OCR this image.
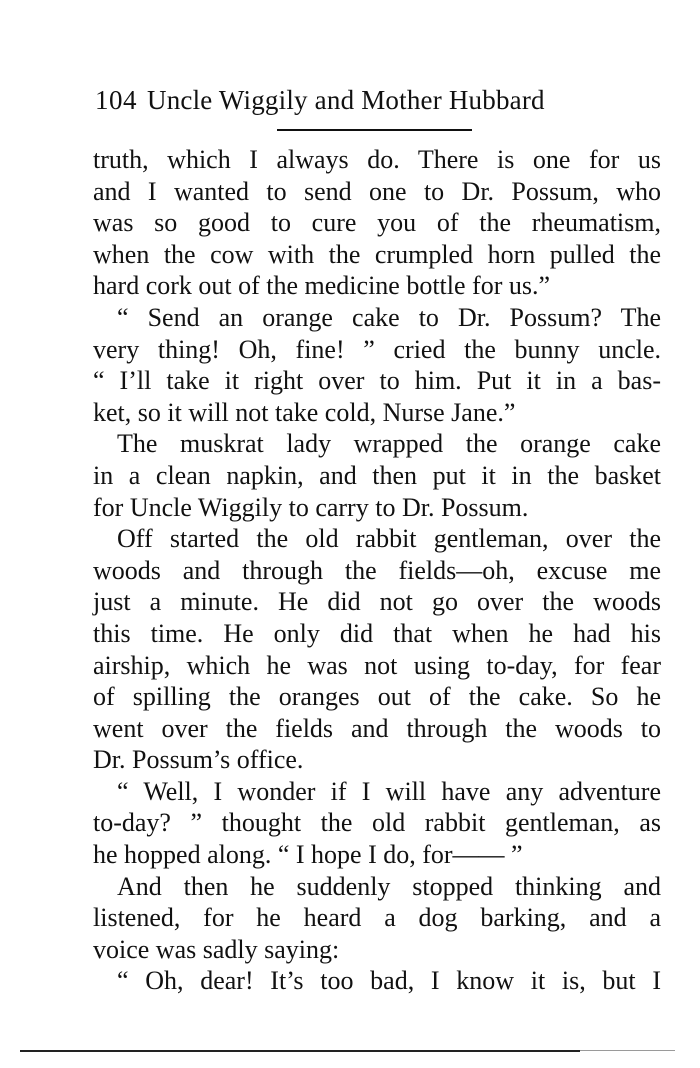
104 Uncle Wiggily and Mother Hubbard
truth, which I always do. There is one for us
and I wanted to send one to Dr. Possum, who
was so good to cure you of the rheumatism,
when the cow with the crumpled horn pulled the
hard cork out of the medicine bottle for us.”
“ Send an orange cake to Dr. Possum? The
very thing! Oh, fine! ” cried the bunny uncle.
“ I’ll take it right over to him. Put it in a bas-
ket, so it will not take cold, Nurse Jane.”
The muskrat lady wrapped the orange cake
in a clean napkin, and then put it in the basket
for Uncle Wiggily to carry to Dr. Possum.
Off started the old rabbit gentleman, over the
woods and through the fields—oh, excuse me
just a minute. He did not go over the woods
this time. He only did that when he had his
airship, which he was not using to-day, for fear
of spilling the oranges out of the cake. So he
went over the fields and through the woods to
Dr. Possum’s office.
“ Well, I wonder if I will have any adventure
to-day? ” thought the old rabbit gentleman, as
he hopped along. “ I hope I do, for—— ”
And then he suddenly stopped thinking and
listened, for he heard a dog barking, and a
voice was sadly saying:
“ Oh, dear! It’s too bad, I know it is, but I
